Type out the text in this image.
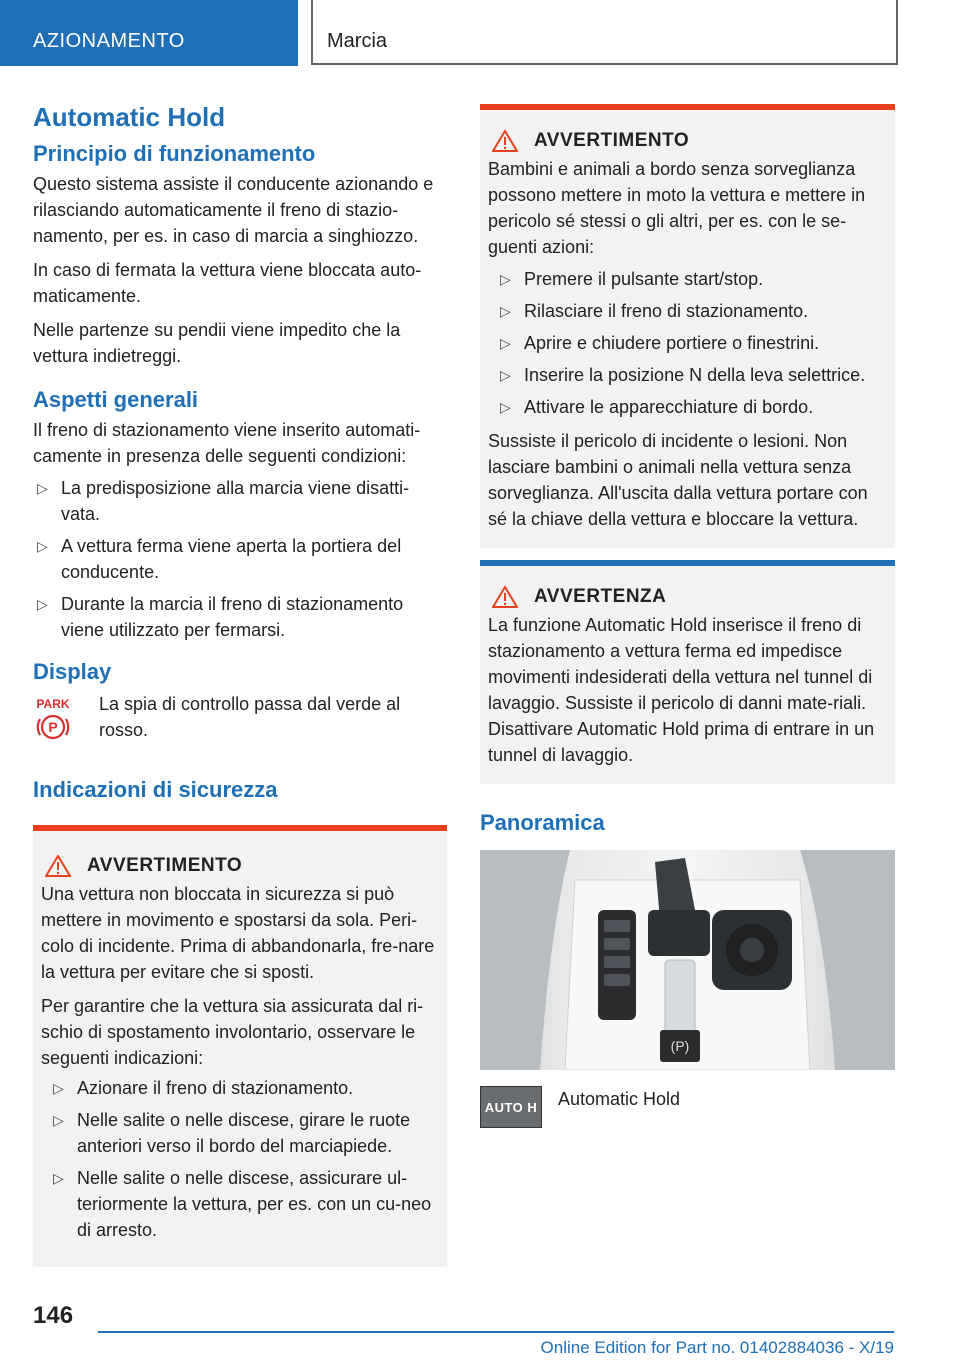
AZIONAMENTO	Marcia
Automatic Hold
Principio di funzionamento

Questo sistema assiste il conducente azionando e rilasciando automaticamente il freno di stazio-namento, per es. in caso di marcia a singhiozzo.

In caso di fermata la vettura viene bloccata auto-maticamente.

Nelle partenze su pendii viene impedito che la vettura indietreggi.

Aspetti generali

Il freno di stazionamento viene inserito automati-camente in presenza delle seguenti condizioni:

▷ La predisposizione alla marcia viene disatti-vata.
▷ A vettura ferma viene aperta la portiera del conducente.
▷ Durante la marcia il freno di stazionamento viene utilizzato per fermarsi.
Display
PARK
P

La spia di controllo passa dal verde al rosso.

Indicazioni di sicurezza
AVVERTIMENTO

Una vettura non bloccata in sicurezza si può mettere in movimento e spostarsi da sola. Peri-colo di incidente. Prima di abbandonarla, fre-nare la vettura per evitare che si sposti.

Per garantire che la vettura sia assicurata dal ri-schio di spostamento involontario, osservare le seguenti indicazioni:

▷ Azionare il freno di stazionamento.
▷ Nelle salite o nelle discese, girare le ruote anteriori verso il bordo del marciapiede.
▷ Nelle salite o nelle discese, assicurare ul-teriormente la vettura, per es. con un cu-neo di arresto.
AVVERTIMENTO

Bambini e animali a bordo senza sorveglianza possono mettere in moto la vettura e mettere in pericolo sé stessi o gli altri, per es. con le se-guenti azioni:

▷ Premere il pulsante start/stop.
▷ Rilasciare il freno di stazionamento.
▷ Aprire e chiudere portiere o finestrini.
▷ Inserire la posizione N della leva selettrice.
▷ Attivare le apparecchiature di bordo.

Sussiste il pericolo di incidente o lesioni. Non lasciare bambini o animali nella vettura senza sorveglianza. All'uscita dalla vettura portare con sé la chiave della vettura e bloccare la vettura.

AVVERTENZA

La funzione Automatic Hold inserisce il freno di stazionamento a vettura ferma ed impedisce movimenti indesiderati della vettura nel tunnel di lavaggio. Sussiste il pericolo di danni mate-riali. Disattivare Automatic Hold prima di entrare in un tunnel di lavaggio.

Panoramica
(P)
AUTO H Automatic Hold

146
Online Edition for Part no. 01402884036 - X/19
